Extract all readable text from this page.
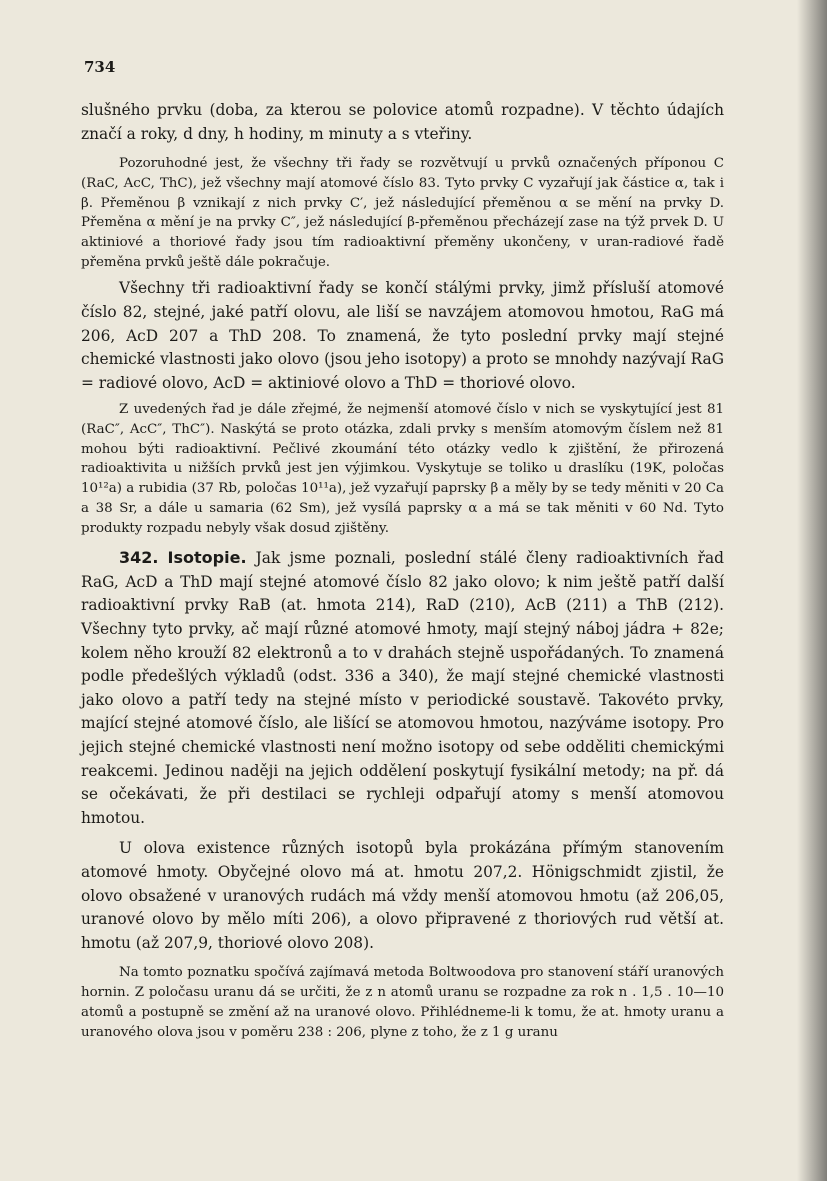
734

slušného prvku (doba, za kterou se polovice atomů rozpadne). V těchto údajích značí a roky, d dny, h hodiny, m minuty a s vteřiny.

Pozoruhodné jest, že všechny tři řady se rozvětvují u prvků označených příponou C (RaC, AcC, ThC), jež všechny mají atomové číslo 83. Tyto prvky C vyzařují jak částice α, tak i β. Přeměnou β vznikají z nich prvky C′, jež následující přeměnou α se mění na prvky D. Přeměna α mění je na prvky C″, jež následující β-přeměnou přecházejí zase na týž prvek D. U aktiniové a thoriové řady jsou tím radioaktivní přeměny ukončeny, v uran-radiové řadě přeměna prvků ještě dále pokračuje.

Všechny tři radioaktivní řady se končí stálými prvky, jimž přísluší atomové číslo 82, stejné, jaké patří olovu, ale liší se navzájem atomovou hmotou, RaG má 206, AcD 207 a ThD 208. To znamená, že tyto poslední prvky mají stejné chemické vlastnosti jako olovo (jsou jeho isotopy) a proto se mnohdy nazývají RaG = radiové olovo, AcD = aktiniové olovo a ThD = thoriové olovo.

Z uvedených řad je dále zřejmé, že nejmenší atomové číslo v nich se vyskytující jest 81 (RaC″, AcC″, ThC″). Naskýtá se proto otázka, zdali prvky s menším atomovým číslem než 81 mohou býti radioaktivní. Pečlivé zkoumání této otázky vedlo k zjištění, že přirozená radioaktivita u nižších prvků jest jen výjimkou. Vyskytuje se toliko u draslíku (19K, poločas 10¹²a) a rubidia (37 Rb, poločas 10¹¹a), jež vyzařují paprsky β a měly by se tedy měniti v 20 Ca a 38 Sr, a dále u samaria (62 Sm), jež vysílá paprsky α a má se tak měniti v 60 Nd. Tyto produkty rozpadu nebyly však dosud zjištěny.

342. Isotopie. Jak jsme poznali, poslední stálé členy radioaktivních řad RaG, AcD a ThD mají stejné atomové číslo 82 jako olovo; k nim ještě patří další radioaktivní prvky RaB (at. hmota 214), RaD (210), AcB (211) a ThB (212). Všechny tyto prvky, ač mají různé atomové hmoty, mají stejný náboj jádra + 82e; kolem něho krouží 82 elektronů a to v drahách stejně uspořádaných. To znamená podle předešlých výkladů (odst. 336 a 340), že mají stejné chemické vlastnosti jako olovo a patří tedy na stejné místo v periodické soustavě. Takovéto prvky, mající stejné atomové číslo, ale lišící se atomovou hmotou, nazýváme isotopy. Pro jejich stejné chemické vlastnosti není možno isotopy od sebe odděliti chemickými reakcemi. Jedinou naději na jejich oddělení poskytují fysikální metody; na př. dá se očekávati, že při destilaci se rychleji odpařují atomy s menší atomovou hmotou.

U olova existence různých isotopů byla prokázána přímým stanovením atomové hmoty. Obyčejné olovo má at. hmotu 207,2. Hönigschmidt zjistil, že olovo obsažené v uranových rudách má vždy menší atomovou hmotu (až 206,05, uranové olovo by mělo míti 206), a olovo připravené z thoriových rud větší at. hmotu (až 207,9, thoriové olovo 208).

Na tomto poznatku spočívá zajímavá metoda Boltwoodova pro stanovení stáří uranových hornin. Z poločasu uranu dá se určiti, že z n atomů uranu se rozpadne za rok n . 1,5 . 10—10 atomů a postupně se změní až na uranové olovo. Přihlédneme-li k tomu, že at. hmoty uranu a uranového olova jsou v poměru 238 : 206, plyne z toho, že z 1 g uranu
